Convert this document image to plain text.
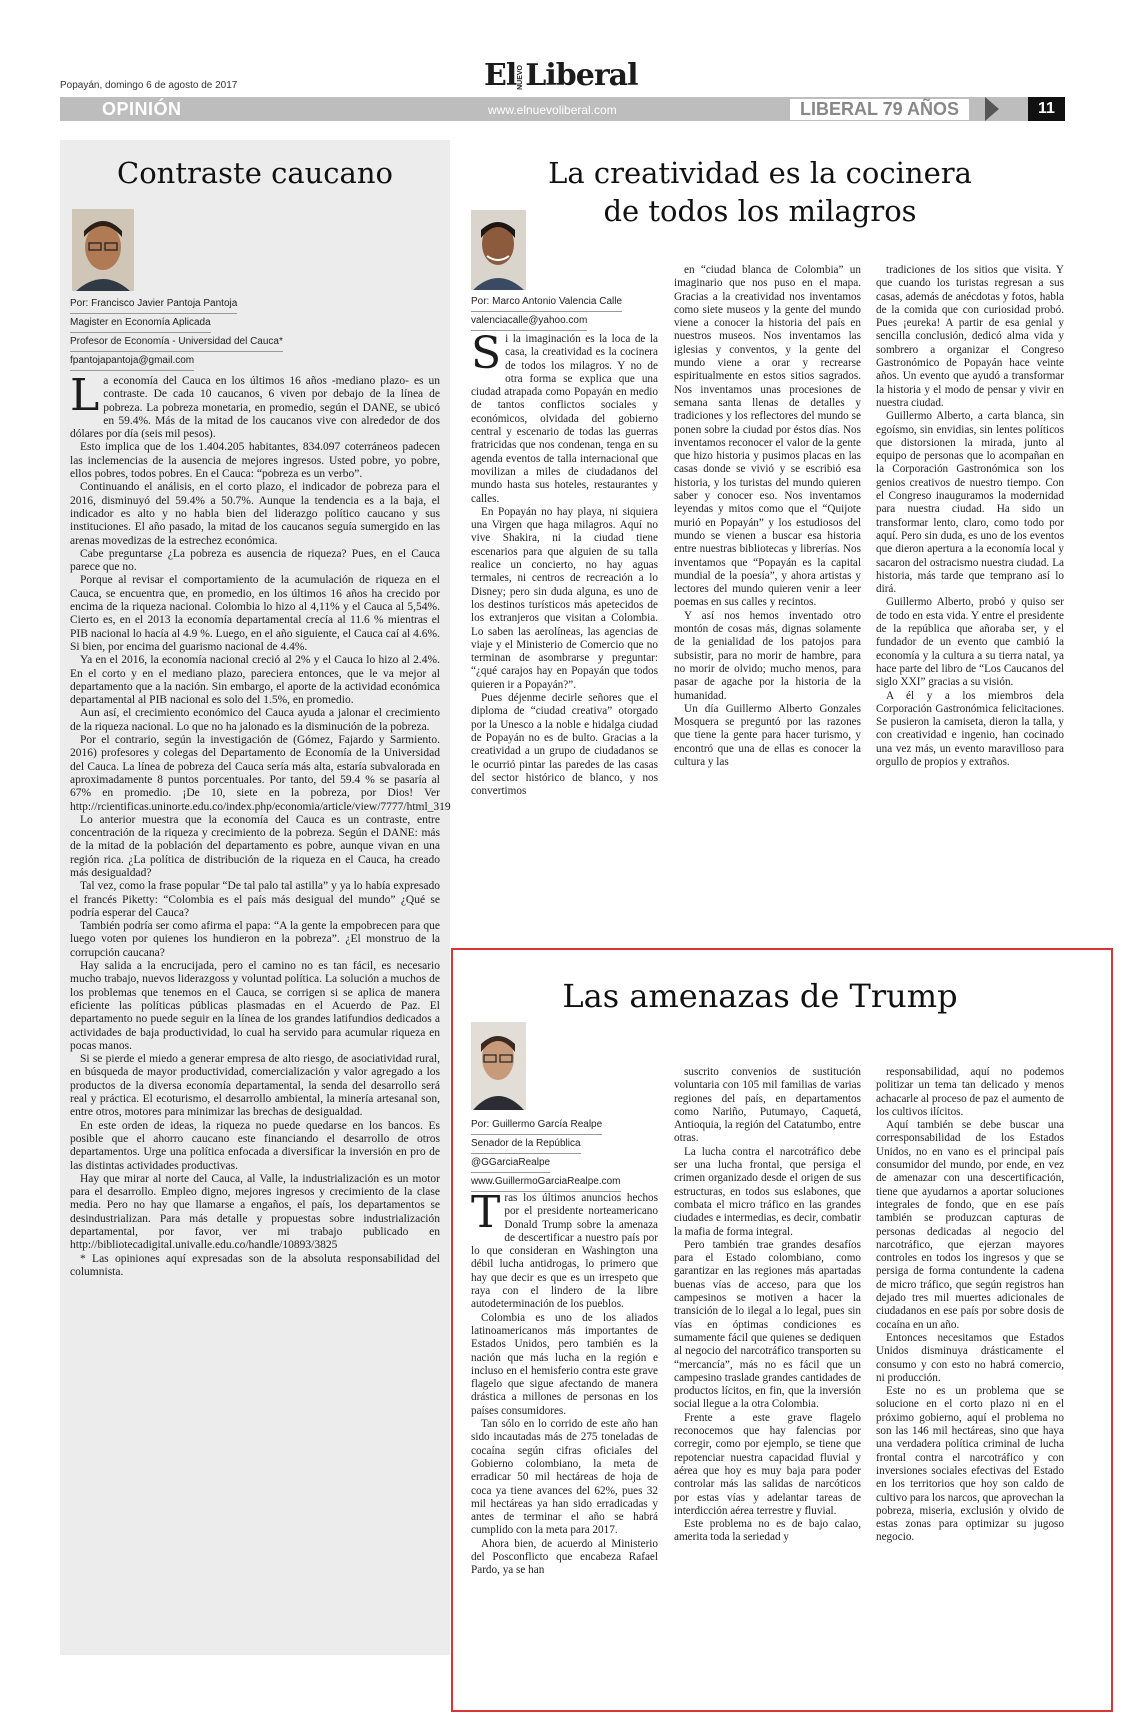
Popayán, domingo 6 de agosto de 2017	ElNUEVOLiberal
OPINIÓN	www.elnuevoliberal.com	LIBERAL 79 AÑOS	11
Contraste caucano
Por: Francisco Javier Pantoja Pantoja
Magister en Economía Aplicada
Profesor de Economía - Universidad del Cauca*
fpantojapantoja@gmail.com

La economía del Cauca en los últimos 16 años -mediano plazo- es un contraste. De cada 10 caucanos, 6 viven por debajo de la línea de pobreza. La pobreza monetaria, en promedio, según el DANE, se ubicó en 59.4%. Más de la mitad de los caucanos vive con alrededor de dos dólares por día (seis mil pesos).

Esto implica que de los 1.404.205 habitantes, 834.097 coterráneos padecen las inclemencias de la ausencia de mejores ingresos. Usted pobre, yo pobre, ellos pobres, todos pobres. En el Cauca: “pobreza es un verbo”.

Continuando el análisis, en el corto plazo, el indicador de pobreza para el 2016, disminuyó del 59.4% a 50.7%. Aunque la tendencia es a la baja, el indicador es alto y no habla bien del liderazgo político caucano y sus instituciones. El año pasado, la mitad de los caucanos seguía sumergido en las arenas movedizas de la estrechez económica.

Cabe preguntarse ¿La pobreza es ausencia de riqueza? Pues, en el Cauca parece que no.

Porque al revisar el comportamiento de la acumulación de riqueza en el Cauca, se encuentra que, en promedio, en los últimos 16 años ha crecido por encima de la riqueza nacional. Colombia lo hizo al 4,11% y el Cauca al 5,54%. Cierto es, en el 2013 la economía departamental crecía al 11.6 % mientras el PIB nacional lo hacía al 4.9 %. Luego, en el año siguiente, el Cauca caí al 4.6%. Si bien, por encima del guarismo nacional de 4.4%.

Ya en el 2016, la economía nacional creció al 2% y el Cauca lo hizo al 2.4%. En el corto y en el mediano plazo, pareciera entonces, que le va mejor al departamento que a la nación. Sin embargo, el aporte de la actividad económica departamental al PIB nacional es solo del 1.5%, en promedio.

Aun así, el crecimiento económico del Cauca ayuda a jalonar el crecimiento de la riqueza nacional. Lo que no ha jalonado es la disminución de la pobreza.

Por el contrario, según la investigación de (Gómez, Fajardo y Sarmiento. 2016) profesores y colegas del Departamento de Economía de la Universidad del Cauca. La línea de pobreza del Cauca sería más alta, estaría subvalorada en aproximadamente 8 puntos porcentuales. Por tanto, del 59.4 % se pasaría al 67% en promedio. ¡De 10, siete en la pobreza, por Dios! Ver http://rcientificas.uninorte.edu.co/index.php/economia/article/view/7777/html_319

Lo anterior muestra que la economía del Cauca es un contraste, entre concentración de la riqueza y crecimiento de la pobreza. Según el DANE: más de la mitad de la población del departamento es pobre, aunque vivan en una región rica. ¿La política de distribución de la riqueza en el Cauca, ha creado más desigualdad?

Tal vez, como la frase popular “De tal palo tal astilla” y ya lo había expresado el francés Piketty: “Colombia es el país más desigual del mundo” ¿Qué se podría esperar del Cauca?

También podría ser como afirma el papa: “A la gente la empobrecen para que luego voten por quienes los hundieron en la pobreza”. ¿El monstruo de la corrupción caucana?

Hay salida a la encrucijada, pero el camino no es tan fácil, es necesario mucho trabajo, nuevos liderazgoss y voluntad política. La solución a muchos de los problemas que tenemos en el Cauca, se corrigen si se aplica de manera eficiente las políticas públicas plasmadas en el Acuerdo de Paz. El departamento no puede seguir en la línea de los grandes latifundios dedicados a actividades de baja productividad, lo cual ha servido para acumular riqueza en pocas manos.

Si se pierde el miedo a generar empresa de alto riesgo, de asociatividad rural, en búsqueda de mayor productividad, comercialización y valor agregado a los productos de la diversa economía departamental, la senda del desarrollo será real y práctica. El ecoturismo, el desarrollo ambiental, la minería artesanal son, entre otros, motores para minimizar las brechas de desigualdad.

En este orden de ideas, la riqueza no puede quedarse en los bancos. Es posible que el ahorro caucano este financiando el desarrollo de otros departamentos. Urge una política enfocada a diversificar la inversión en pro de las distintas actividades productivas.

Hay que mirar al norte del Cauca, al Valle, la industrialización es un motor para el desarrollo. Empleo digno, mejores ingresos y crecimiento de la clase media. Pero no hay que llamarse a engaños, el país, los departamentos se desindustrializan. Para más detalle y propuestas sobre industrialización departamental, por favor, ver mi trabajo publicado en http://bibliotecadigital.univalle.edu.co/handle/10893/3825

* Las opiniones aquí expresadas son de la absoluta responsabilidad del columnista.

La creatividad es la cocinera
de todos los milagros
Por: Marco Antonio Valencia Calle
valenciacalle@yahoo.com

Si la imaginación es la loca de la casa, la creatividad es la cocinera de todos los milagros. Y no de otra forma se explica que una ciudad atrapada como Popayán en medio de tantos conflictos sociales y económicos, olvidada del gobierno central y escenario de todas las guerras fratricidas que nos condenan, tenga en su agenda eventos de talla internacional que movilizan a miles de ciudadanos del mundo hasta sus hoteles, restaurantes y calles.

En Popayán no hay playa, ni siquiera una Virgen que haga milagros. Aquí no vive Shakira, ni la ciudad tiene escenarios para que alguien de su talla realice un concierto, no hay aguas termales, ni centros de recreación a lo Disney; pero sin duda alguna, es uno de los destinos turísticos más apetecidos de los extranjeros que visitan a Colombia. Lo saben las aerolíneas, las agencias de viaje y el Ministerio de Comercio que no terminan de asombrarse y preguntar: “¿qué carajos hay en Popayán que todos quieren ir a Popayán?”.

Pues déjenme decirle señores que el diploma de “ciudad creativa” otorgado por la Unesco a la noble e hidalga ciudad de Popayán no es de bulto. Gracias a la creatividad a un grupo de ciudadanos se le ocurrió pintar las paredes de las casas del sector histórico de blanco, y nos convertimos

en “ciudad blanca de Colombia” un imaginario que nos puso en el mapa. Gracias a la creatividad nos inventamos como siete museos y la gente del mundo viene a conocer la historia del país en nuestros museos. Nos inventamos las iglesias y conventos, y la gente del mundo viene a orar y recrearse espiritualmente en estos sitios sagrados. Nos inventamos unas procesiones de semana santa llenas de detalles y tradiciones y los reflectores del mundo se ponen sobre la ciudad por éstos días. Nos inventamos reconocer el valor de la gente que hizo historia y pusimos placas en las casas donde se vivió y se escribió esa historia, y los turistas del mundo quieren saber y conocer eso. Nos inventamos leyendas y mitos como que el “Quijote murió en Popayán” y los estudiosos del mundo se vienen a buscar esa historia entre nuestras bibliotecas y librerías. Nos inventamos que “Popayán es la capital mundial de la poesía”, y ahora artistas y lectores del mundo quieren venir a leer poemas en sus calles y recintos.

Y así nos hemos inventado otro montón de cosas más, dignas solamente de la genialidad de los patojos para subsistir, para no morir de hambre, para no morir de olvido; mucho menos, para pasar de agache por la historia de la humanidad.

Un día Guillermo Alberto Gonzales Mosquera se preguntó por las razones que tiene la gente para hacer turismo, y encontró que una de ellas es conocer la cultura y las

tradiciones de los sitios que visita. Y que cuando los turistas regresan a sus casas, además de anécdotas y fotos, habla de la comida que con curiosidad probó. Pues ¡eureka! A partir de esa genial y sencilla conclusión, dedicó alma vida y sombrero a organizar el Congreso Gastronómico de Popayán hace veinte años. Un evento que ayudó a transformar la historia y el modo de pensar y vivir en nuestra ciudad.

Guillermo Alberto, a carta blanca, sin egoísmo, sin envidias, sin lentes políticos que distorsionen la mirada, junto al equipo de personas que lo acompañan en la Corporación Gastronómica son los genios creativos de nuestro tiempo. Con el Congreso inauguramos la modernidad para nuestra ciudad. Ha sido un transformar lento, claro, como todo por aquí. Pero sin duda, es uno de los eventos que dieron apertura a la economía local y sacaron del ostracismo nuestra ciudad. La historia, más tarde que temprano así lo dirá.

Guillermo Alberto, probó y quiso ser de todo en esta vida. Y entre el presidente de la república que añoraba ser, y el fundador de un evento que cambió la economía y la cultura a su tierra natal, ya hace parte del libro de “Los Caucanos del siglo XXI” gracias a su visión.

A él y a los miembros dela Corporación Gastronómica felicitaciones. Se pusieron la camiseta, dieron la talla, y con creatividad e ingenio, han cocinado una vez más, un evento maravilloso para orgullo de propios y extraños.

Las amenazas de Trump
Por: Guillermo García Realpe
Senador de la República
@GGarciaRealpe
www.GuillermoGarciaRealpe.com

Tras los últimos anuncios hechos por el presidente norteamericano Donald Trump sobre la amenaza de descertificar a nuestro país por lo que consideran en Washington una débil lucha antidrogas, lo primero que hay que decir es que es un irrespeto que raya con el lindero de la libre autodeterminación de los pueblos.

Colombia es uno de los aliados latinoamericanos más importantes de Estados Unidos, pero también es la nación que más lucha en la región e incluso en el hemisferio contra este grave flagelo que sigue afectando de manera drástica a millones de personas en los países consumidores.

Tan sólo en lo corrido de este año han sido incautadas más de 275 toneladas de cocaína según cifras oficiales del Gobierno colombiano, la meta de erradicar 50 mil hectáreas de hoja de coca ya tiene avances del 62%, pues 32 mil hectáreas ya han sido erradicadas y antes de terminar el año se habrá cumplido con la meta para 2017.

Ahora bien, de acuerdo al Ministerio del Posconflicto que encabeza Rafael Pardo, ya se han

suscrito convenios de sustitución voluntaria con 105 mil familias de varias regiones del país, en departamentos como Nariño, Putumayo, Caquetá, Antioquia, la región del Catatumbo, entre otras.

La lucha contra el narcotráfico debe ser una lucha frontal, que persiga el crimen organizado desde el origen de sus estructuras, en todos sus eslabones, que combata el micro tráfico en las grandes ciudades e intermedias, es decir, combatir la mafia de forma integral.

Pero también trae grandes desafíos para el Estado colombiano, como garantizar en las regiones más apartadas buenas vías de acceso, para que los campesinos se motiven a hacer la transición de lo ilegal a lo legal, pues sin vías en óptimas condiciones es sumamente fácil que quienes se dediquen al negocio del narcotráfico transporten su “mercancía”, más no es fácil que un campesino traslade grandes cantidades de productos lícitos, en fin, que la inversión social llegue a la otra Colombia.

Frente a este grave flagelo reconocemos que hay falencias por corregir, como por ejemplo, se tiene que repotenciar nuestra capacidad fluvial y aérea que hoy es muy baja para poder controlar más las salidas de narcóticos por estas vías y adelantar tareas de interdicción aérea terrestre y fluvial.

Este problema no es de bajo calao, amerita toda la seriedad y

responsabilidad, aquí no podemos politizar un tema tan delicado y menos achacarle al proceso de paz el aumento de los cultivos ilícitos.

Aquí también se debe buscar una corresponsabilidad de los Estados Unidos, no en vano es el principal país consumidor del mundo, por ende, en vez de amenazar con una descertificación, tiene que ayudarnos a aportar soluciones integrales de fondo, que en ese país también se produzcan capturas de personas dedicadas al negocio del narcotráfico, que ejerzan mayores controles en todos los ingresos y que se persiga de forma contundente la cadena de micro tráfico, que según registros han dejado tres mil muertes adicionales de ciudadanos en ese país por sobre dosis de cocaína en un año.

Entonces necesitamos que Estados Unidos disminuya drásticamente el consumo y con esto no habrá comercio, ni producción.

Este no es un problema que se solucione en el corto plazo ni en el próximo gobierno, aquí el problema no son las 146 mil hectáreas, sino que haya una verdadera política criminal de lucha frontal contra el narcotráfico y con inversiones sociales efectivas del Estado en los territorios que hoy son caldo de cultivo para los narcos, que aprovechan la pobreza, miseria, exclusión y olvido de estas zonas para optimizar su jugoso negocio.
